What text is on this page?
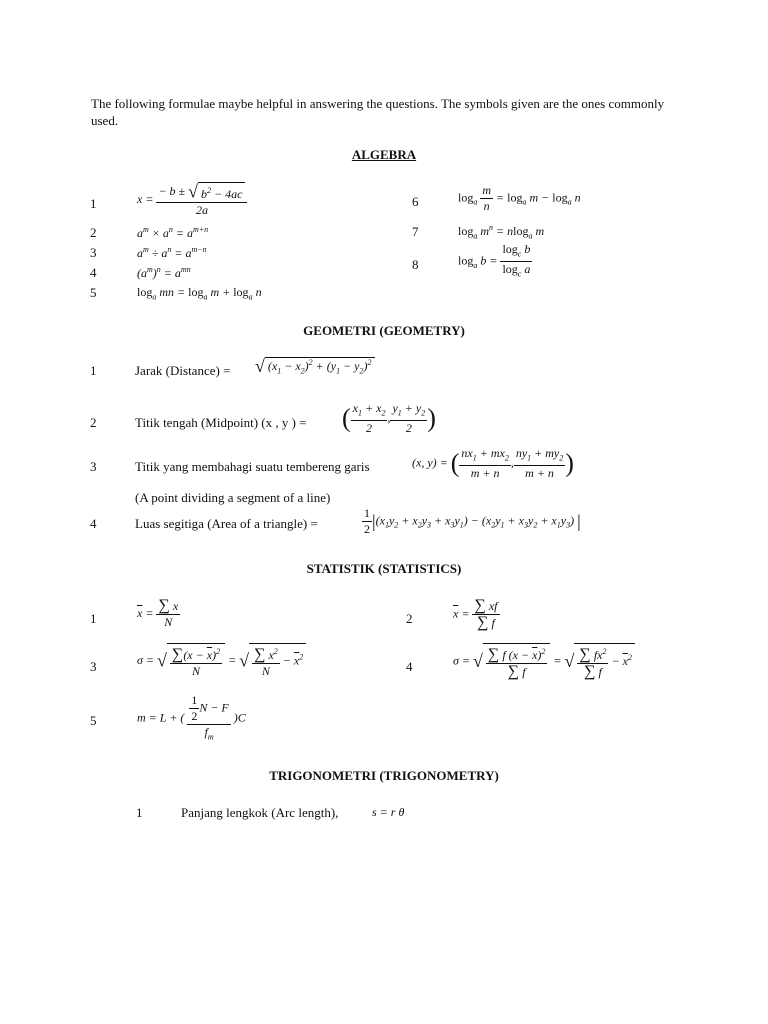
The following formulae maybe helpful in answering the questions. The symbols given are the ones commonly used.
ALGEBRA
1	$x = \frac{- b \pm √ b^2 - 4ac}{2a}$
2	$a^m \times a^n = a^{m+n}$
3	$a^m \div a^n = a^{m-n}$
4	$(a^m)^n = a^{mn}$
5	$\log_a$ mn = $\log_a m + \log_a n$
6	$\log_a \frac{m}{n} = \log_a m - \log_a n$
7	$\log_a m^n = nlog_a$ m
8	$\log_a b = \frac{\log_c b}{\log_c a}$
GEOMETRI (GEOMETRY)
1	Jarak (Distance) = √ $(x_1 - x_2)^2 + (y_1 - y_2)^2$
2	Titik tengah (Midpoint) (x , y ) = ( $\frac{x_1 + x_2}{2}$ , $\frac{y_1 + y_2}{2}$ )
3	Titik yang membahagi suatu tembereng garis	(x, y) = ( $\frac{nx_1 + mx_2}{m + n}$ , $\frac{ny_1 + my_2}{m + n}$ )
(A point dividing a segment of a line)
4	Luas segitiga (Area of a triangle) =	$\frac{1}{2} |(x_1y_2 + x_2y_3 + x_3y_1) - (x_2y_1 + x_3y_2 + x_1y_3)$ |
STATISTIK (STATISTICS)
1	$\overline{x} = \frac{\sum x}{N}$	2	$\overline{x} = \frac{\sum xf}{\sum f}$
3	σ = √ $\frac{\sum(x - \overline{x})^2}{N}$ = √ $\frac{\sum x^2}{N} - \overline{x}^2$
4	σ = √ $\frac{\sum f (x - \overline{x})^2}{\sum f}$ = √ $\frac{\sum fx^2}{\sum f} - \overline{x}^2$
5	m = L + ( $\frac{\frac{1}{2} N - F}{f_m} )C$
TRIGONOMETRI (TRIGONOMETRY)
1	Panjang lengkok (Arc length),	s = r θ
